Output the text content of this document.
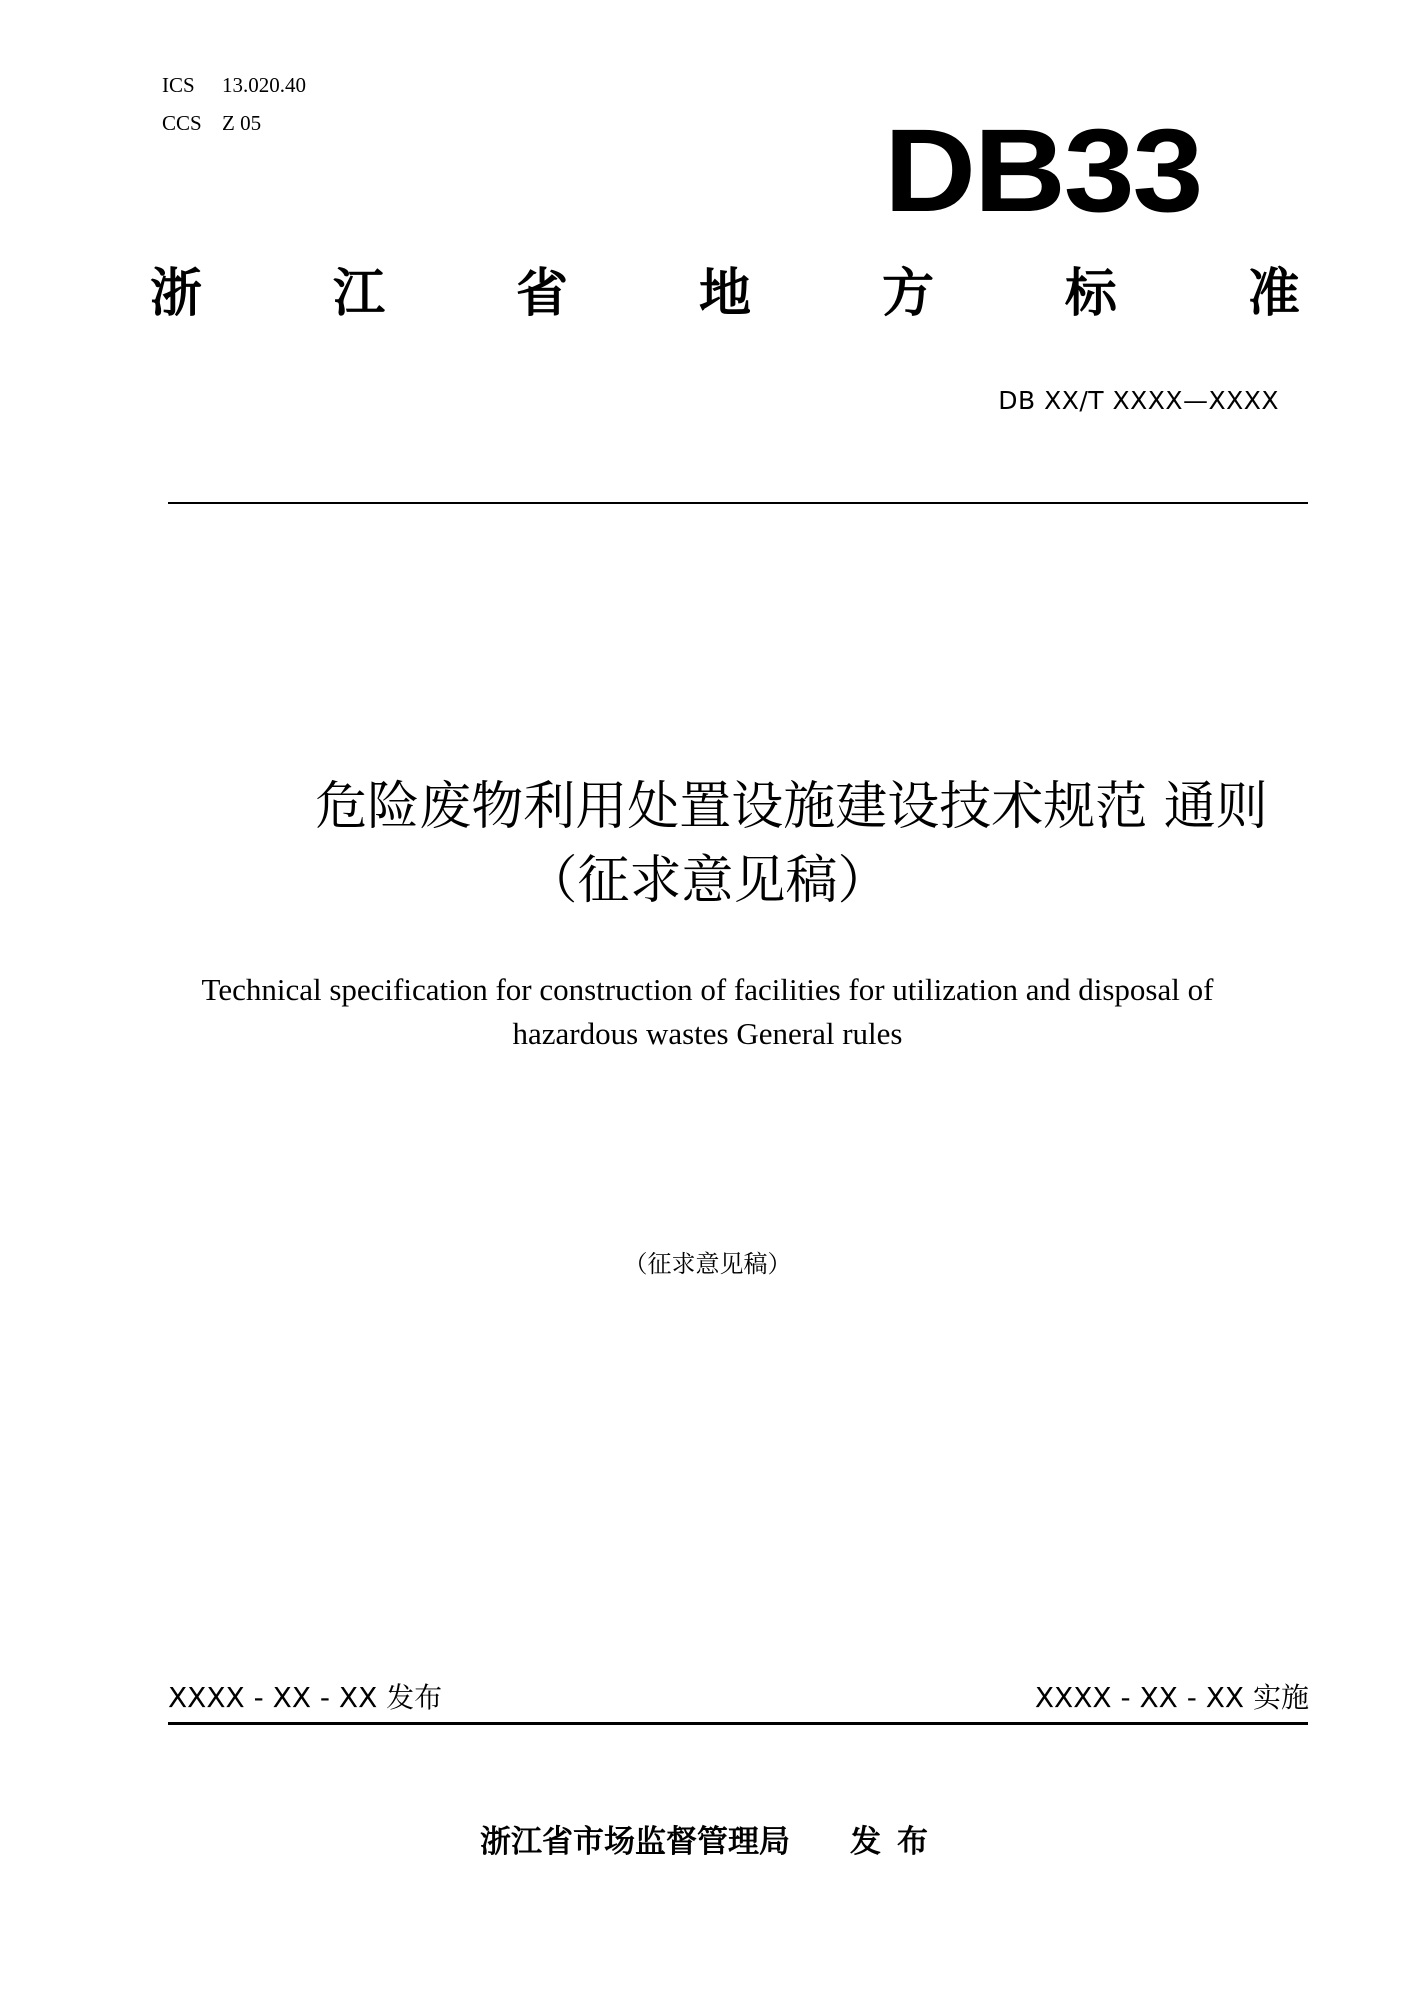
ICS 13.020.40
CCS Z 05	DB33
浙	江	省	地	方	标	准
DB XX/T XXXX—XXXX
危险废物利用处置设施建设技术规范 通则
（征求意见稿）
Technical specification for construction of facilities for utilization and disposal of
hazardous wastes General rules
（征求意见稿）
XXXX - XX - XX 发布	XXXX - XX - XX 实施
浙江省市场监督管理局 发布
